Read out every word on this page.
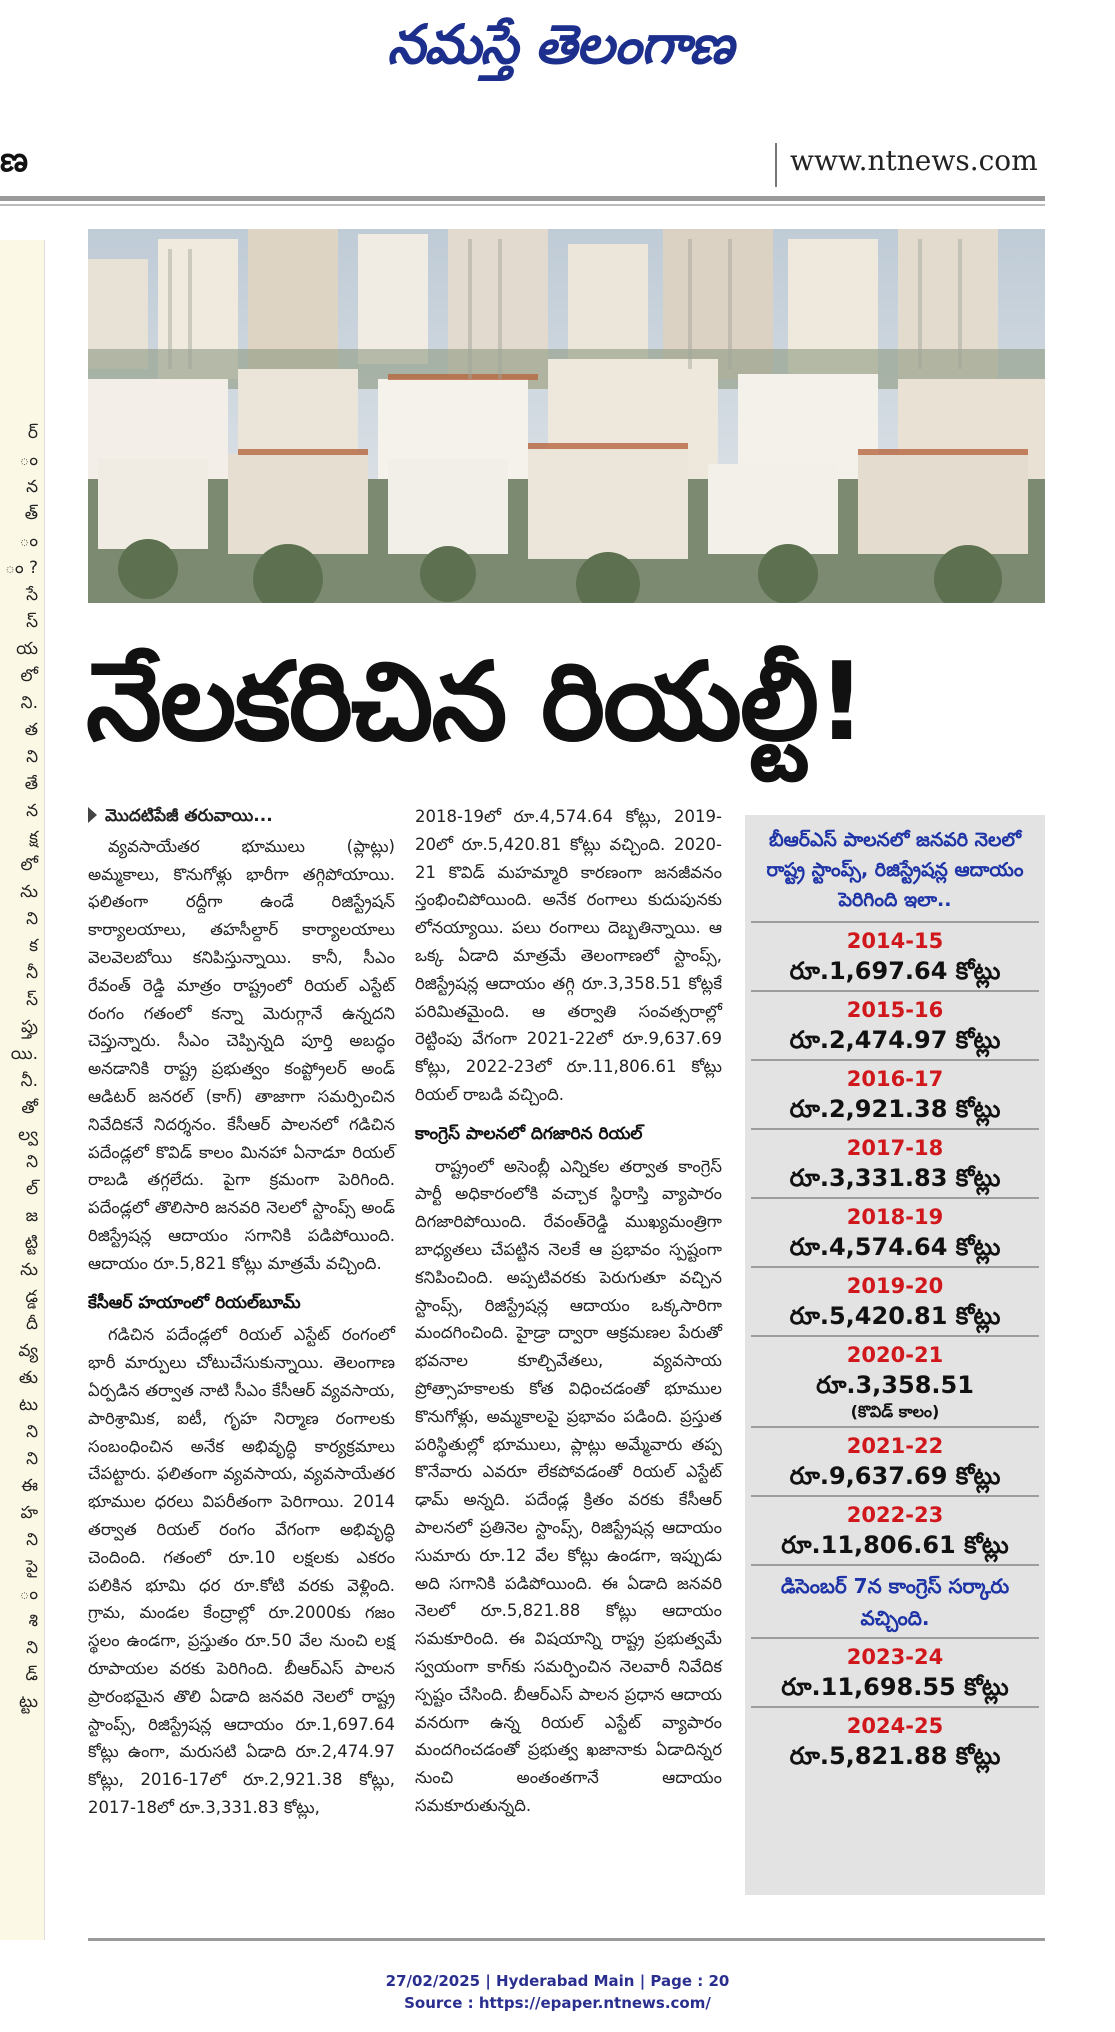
నమస్తే తెలంగాణ
ణ	www.ntnews.com
ర్
ం
న
త్
ం
ం ?
సే
స్
య
లో
ని.
త
ని
తే
న
క్ష
లో
ను
ని
క
నీ
స్
ప్తు
యి.
నీ.
తో
ల్వ
ని
ల్
జ
ట్టి
ను
డ్డ
దీ
వ్య
తు
టు
ని
ని
ఈ
హ
ని
పై
ం
శి
ని
డ్
ట్టు
నేలకరిచిన రియల్టీ!
మొదటిపేజీ తరువాయి...

వ్యవసాయేతర భూములు (ప్లాట్లు) అమ్మకాలు, కొనుగోళ్లు భారీగా తగ్గిపోయాయి. ఫలితంగా రద్దీగా ఉండే రిజిస్ట్రేషన్ కార్యాలయాలు, తహసీల్దార్ కార్యాలయాలు వెలవెలబోయి కనిపిస్తున్నాయి. కానీ, సీఎం రేవంత్ రెడ్డి మాత్రం రాష్ట్రంలో రియల్ ఎస్టేట్ రంగం గతంలో కన్నా మెరుగ్గానే ఉన్నదని చెప్తున్నారు. సీఎం చెప్పిన్నది పూర్తి అబద్ధం అనడానికి రాష్ట్ర ప్రభుత్వం కంప్ట్రోలర్ అండ్ ఆడిటర్ జనరల్ (కాగ్) తాజాగా సమర్పించిన నివేదికనే నిదర్శనం. కేసీఆర్ పాలనలో గడిచిన పదేండ్లలో కొవిడ్ కాలం మినహా ఏనాడూ రియల్ రాబడి తగ్గలేదు. పైగా క్రమంగా పెరిగింది. పదేండ్లలో తొలిసారి జనవరి నెలలో స్టాంప్స్ అండ్ రిజిస్ట్రేషన్ల ఆదాయం సగానికి పడిపోయింది. ఆదాయం రూ.5,821 కోట్లు మాత్రమే వచ్చింది.

కేసీఆర్ హయాంలో రియల్‌బూమ్

గడిచిన పదేండ్లలో రియల్ ఎస్టేట్ రంగంలో భారీ మార్పులు చోటుచేసుకున్నాయి. తెలంగాణ ఏర్పడిన తర్వాత నాటి సీఎం కేసీఆర్ వ్యవసాయ, పారిశ్రామిక, ఐటీ, గృహ నిర్మాణ రంగాలకు సంబంధించిన అనేక అభివృద్ధి కార్యక్రమాలు చేపట్టారు. ఫలితంగా వ్యవసాయ, వ్యవసాయేతర భూముల ధరలు విపరీతంగా పెరిగాయి. 2014 తర్వాత రియల్ రంగం వేగంగా అభివృద్ధి చెందింది. గతంలో రూ.10 లక్షలకు ఎకరం పలికిన భూమి ధర రూ.కోటి వరకు వెళ్లింది. గ్రామ, మండల కేంద్రాల్లో రూ.2000కు గజం స్థలం ఉండగా, ప్రస్తుతం రూ.50 వేల నుంచి లక్ష రూపాయల వరకు పెరిగింది. బీఆర్ఎస్ పాలన ప్రారంభమైన తొలి ఏడాది జనవరి నెలలో రాష్ట్ర స్టాంప్స్, రిజిస్ట్రేషన్ల ఆదాయం రూ.1,697.64 కోట్లు ఉంగా, మరుసటి ఏడాది రూ.2,474.97 కోట్లు, 2016-17లో రూ.2,921.38 కోట్లు, 2017-18లో రూ.3,331.83 కోట్లు,

2018-19లో రూ.4,574.64 కోట్లు, 2019-20లో రూ.5,420.81 కోట్లు వచ్చింది. 2020-21 కొవిడ్ మహమ్మారి కారణంగా జనజీవనం స్తంభించిపోయింది. అనేక రంగాలు కుదుపునకు లోనయ్యాయి. పలు రంగాలు దెబ్బతిన్నాయి. ఆ ఒక్క ఏడాది మాత్రమే తెలంగాణలో స్టాంప్స్, రిజిస్ట్రేషన్ల ఆదాయం తగ్గి రూ.3,358.51 కోట్లకే పరిమితమైంది. ఆ తర్వాతి సంవత్సరాల్లో రెట్టింపు వేగంగా 2021-22లో రూ.9,637.69 కోట్లు, 2022-23లో రూ.11,806.61 కోట్లు రియల్ రాబడి వచ్చింది.

కాంగ్రెస్ పాలనలో దిగజారిన రియల్

రాష్ట్రంలో అసెంబ్లీ ఎన్నికల తర్వాత కాంగ్రెస్ పార్టీ అధికారంలోకి వచ్చాక స్థిరాస్తి వ్యాపారం దిగజారిపోయింది. రేవంత్‌రెడ్డి ముఖ్యమంత్రిగా బాధ్యతలు చేపట్టిన నెలకే ఆ ప్రభావం స్పష్టంగా కనిపించింది. అప్పటివరకు పెరుగుతూ వచ్చిన స్టాంప్స్, రిజిస్ట్రేషన్ల ఆదాయం ఒక్కసారిగా మందగించింది. హైడ్రా ద్వారా ఆక్రమణల పేరుతో భవనాల కూల్చివేతలు, వ్యవసాయ ప్రోత్సాహకాలకు కోత విధించడంతో భూముల కొనుగోళ్లు, అమ్మకాలపై ప్రభావం పడింది. ప్రస్తుత పరిస్థితుల్లో భూములు, ప్లాట్లు అమ్మేవారు తప్ప కొనేవారు ఎవరూ లేకపోవడంతో రియల్ ఎస్టేట్ ఢామ్ అన్నది. పదేండ్ల క్రితం వరకు కేసీఆర్ పాలనలో ప్రతినెల స్టాంప్స్, రిజిస్ట్రేషన్ల ఆదాయం సుమారు రూ.12 వేల కోట్లు ఉండగా, ఇప్పుడు అది సగానికి పడిపోయింది. ఈ ఏడాది జనవరి నెలలో రూ.5,821.88 కోట్లు ఆదాయం సమకూరింది. ఈ విషయాన్ని రాష్ట్ర ప్రభుత్వమే స్వయంగా కాగ్‌కు సమర్పించిన నెలవారీ నివేదిక స్పష్టం చేసింది. బీఆర్ఎస్ పాలన ప్రధాన ఆదాయ వనరుగా ఉన్న రియల్ ఎస్టేట్ వ్యాపారం మందగించడంతో ప్రభుత్వ ఖజానాకు ఏడాదిన్నర నుంచి అంతంతగానే ఆదాయం సమకూరుతున్నది.

బీఆర్ఎస్ పాలనలో జనవరి నెలలో రాష్ట్ర స్టాంప్స్, రిజిస్ట్రేషన్ల ఆదాయం పెరిగింది ఇలా..
2014-15
రూ.1,697.64 కోట్లు
2015-16
రూ.2,474.97 కోట్లు
2016-17
రూ.2,921.38 కోట్లు
2017-18
రూ.3,331.83 కోట్లు
2018-19
రూ.4,574.64 కోట్లు
2019-20
రూ.5,420.81 కోట్లు
2020-21
రూ.3,358.51
(కొవిడ్ కాలం)
2021-22
రూ.9,637.69 కోట్లు
2022-23
రూ.11,806.61 కోట్లు
డిసెంబర్ 7న కాంగ్రెస్ సర్కారు వచ్చింది.
2023-24
రూ.11,698.55 కోట్లు
2024-25
రూ.5,821.88 కోట్లు
27/02/2025 | Hyderabad Main | Page : 20
Source : https://epaper.ntnews.com/
